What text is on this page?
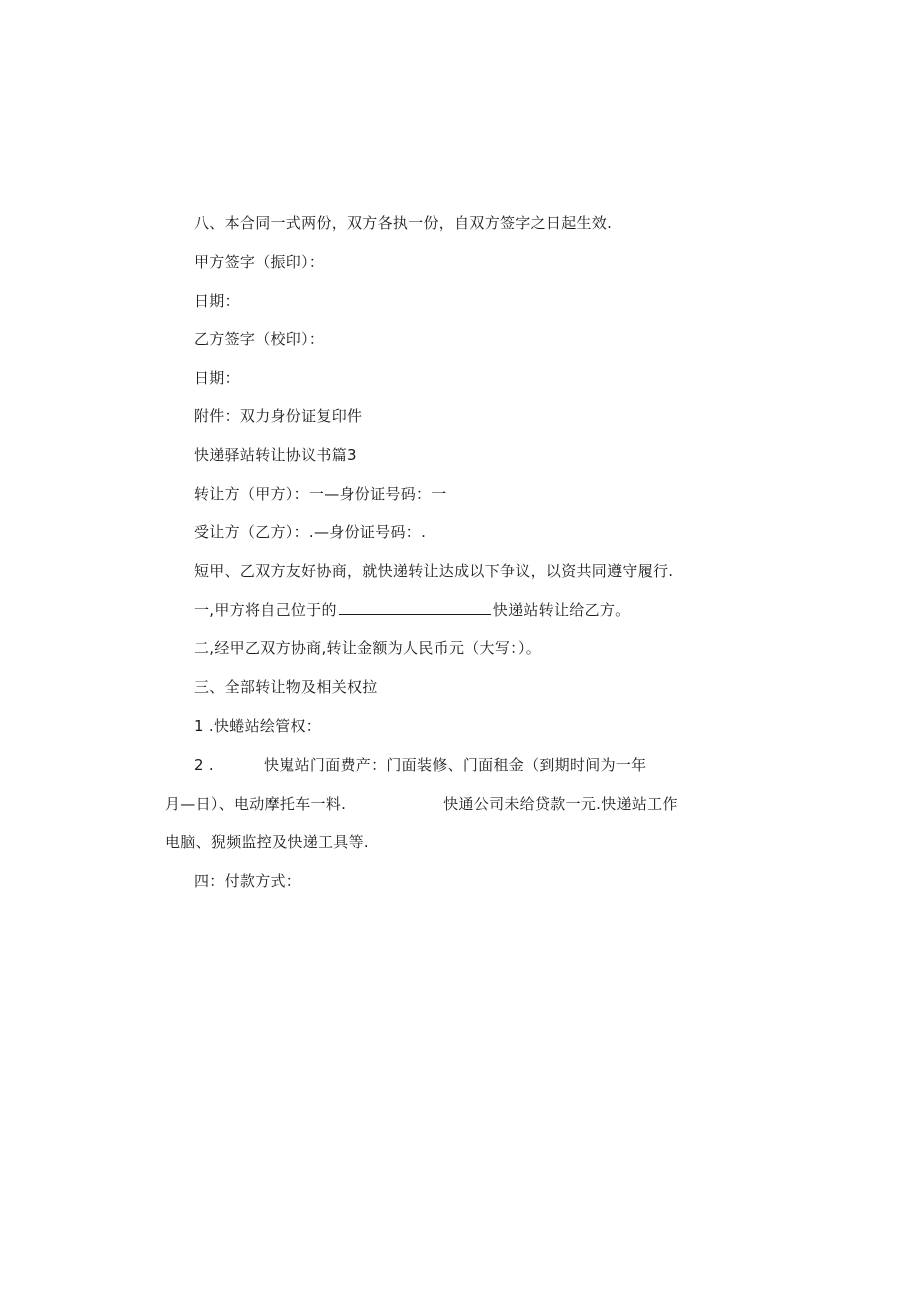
八、本合同一式两份，双方各执一份，自双方签字之日起生效.
甲方签字（振印）：
日期：
乙方签字（校印）：
日期：
附件：双力身份证复印件
快递驿站转让协议书篇3
转让方（甲方）：一—身份证号码：一
受让方（乙方）：.—身份证号码：.
短甲、乙双方友好协商，就快递转让达成以下争议，以资共同遵守履行.
一,甲方将自己位于的	快递站转让给乙方。
二,经甲乙双方协商,转让金额为人民币元（大写：）。
三、全部转让物及相关权拉
1 .快蜷站绘管权：
2 .	快嵬站门面费产：门面装修、门面租金（到期时间为一年
月—日）、电动摩托车一料.	快通公司未给贷款一元.快递站工作
电脑、猊频监控及快递工具等.
四：付款方式：
